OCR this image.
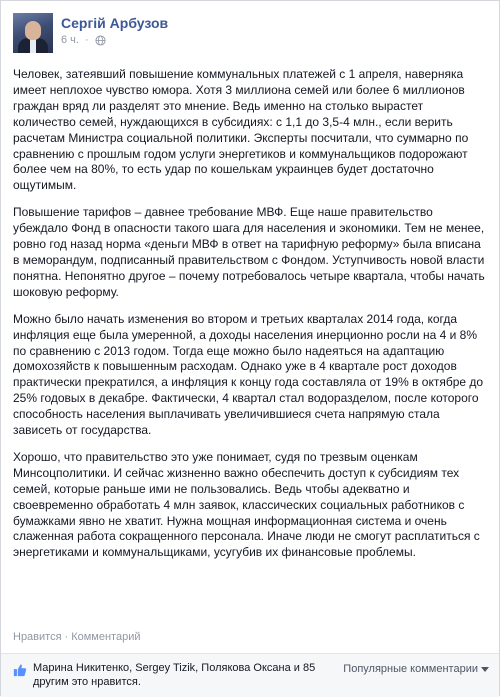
Сергій Арбузов
6 ч. ·

Человек, затеявший повышение коммунальных платежей с 1 апреля, наверняка имеет неплохое чувство юмора. Хотя 3 миллиона семей или более 6 миллионов граждан вряд ли разделят это мнение. Ведь именно на столько вырастет количество семей, нуждающихся в субсидиях: с 1,1 до 3,5-4 млн., если верить расчетам Министра социальной политики. Эксперты посчитали, что суммарно по сравнению с прошлым годом услуги энергетиков и коммунальщиков подорожают более чем на 80%, то есть удар по кошелькам украинцев будет достаточно ощутимым.

Повышение тарифов – давнее требование МВФ. Еще наше правительство убеждало Фонд в опасности такого шага для населения и экономики. Тем не менее, ровно год назад норма «деньги МВФ в ответ на тарифную реформу» была вписана в меморандум, подписанный правительством с Фондом. Уступчивость новой власти понятна. Непонятно другое – почему потребовалось четыре квартала, чтобы начать шоковую реформу.

Можно было начать изменения во втором и третьих кварталах 2014 года, когда инфляция еще была умеренной, а доходы населения инерционно росли на 4 и 8% по сравнению с 2013 годом. Тогда еще можно было надеяться на адаптацию домохозяйств к повышенным расходам. Однако уже в 4 квартале рост доходов практически прекратился, а инфляция к концу года составляла от 19% в октябре до 25% годовых в декабре. Фактически, 4 квартал стал водоразделом, после которого способность населения выплачивать увеличившиеся счета напрямую стала зависеть от государства.

Хорошо, что правительство это уже понимает, судя по трезвым оценкам Минсоцполитики. И сейчас жизненно важно обеспечить доступ к субсидиям тех семей, которые раньше ими не пользовались. Ведь чтобы адекватно и своевременно обработать 4 млн заявок, классических социальных работников с бумажками явно не хватит. Нужна мощная информационная система и очень слаженная работа сокращенного персонала. Иначе люди не смогут расплатиться с энергетиками и коммунальщиками, усугубив их финансовые проблемы.

Нравится · Комментарий
Марина Никитенко, Sergey Tizik, Полякова Оксана и 85 другим это нравится.
Популярные комментарии
